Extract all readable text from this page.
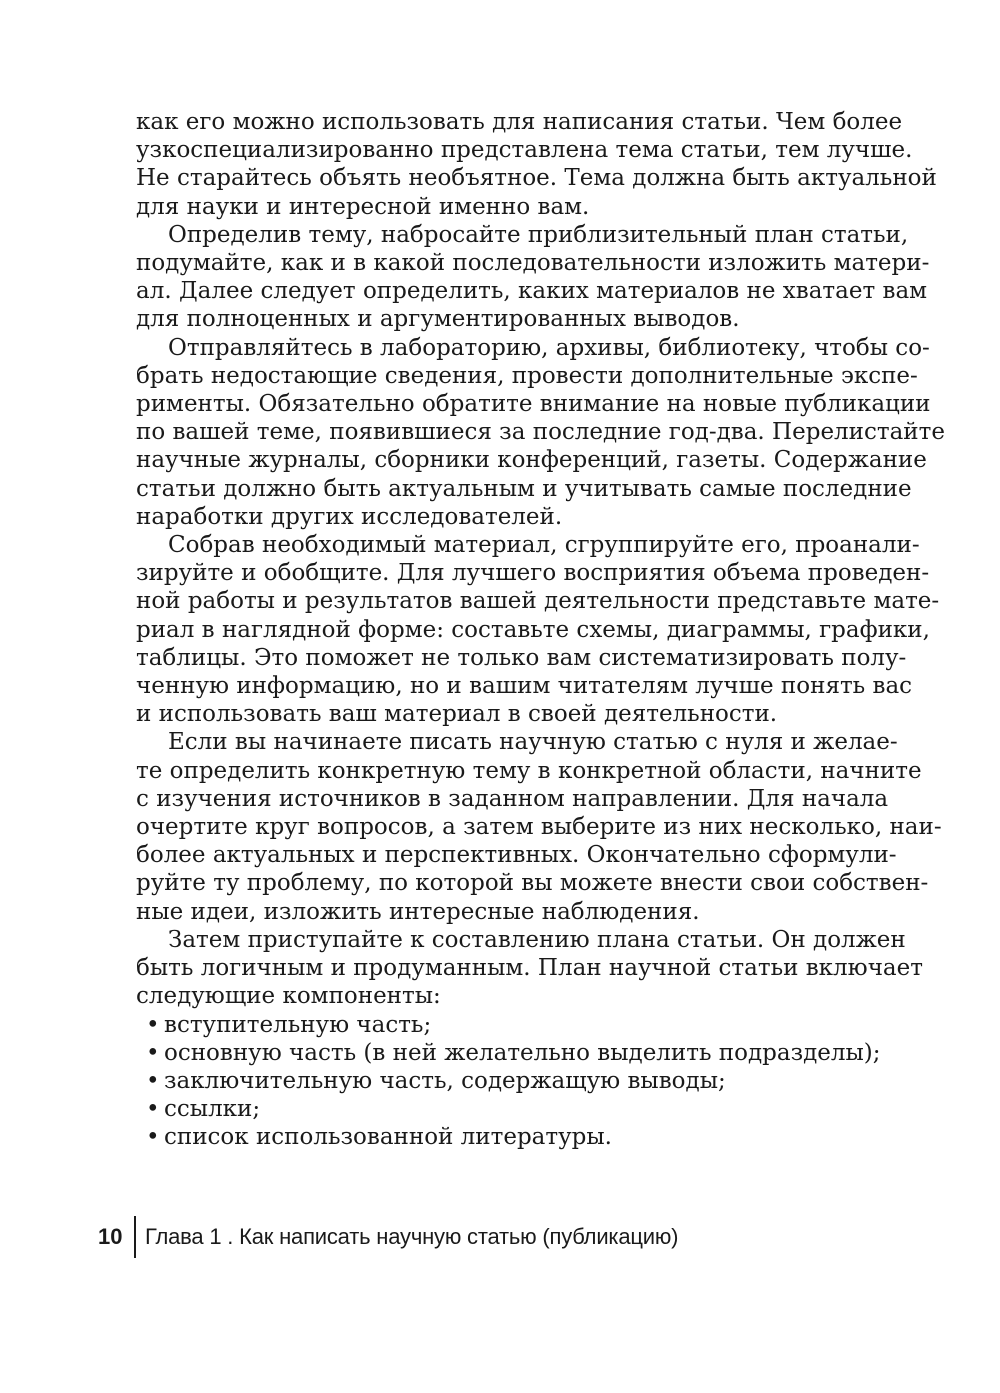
как его можно использовать для написания статьи. Чем более
узкоспециализированно представлена тема статьи, тем лучше.
Не старайтесь объять необъятное. Тема должна быть актуальной
для науки и интересной именно вам.
Определив тему, набросайте приблизительный план статьи,
подумайте, как и в какой последовательности изложить матери-
ал. Далее следует определить, каких материалов не хватает вам
для полноценных и аргументированных выводов.
Отправляйтесь в лабораторию, архивы, библиотеку, чтобы со-
брать недостающие сведения, провести дополнительные экспе-
рименты. Обязательно обратите внимание на новые публикации
по вашей теме, появившиеся за последние год-два. Перелистайте
научные журналы, сборники конференций, газеты. Содержание
статьи должно быть актуальным и учитывать самые последние
наработки других исследователей.
Собрав необходимый материал, сгруппируйте его, проанали-
зируйте и обобщите. Для лучшего восприятия объема проведен-
ной работы и результатов вашей деятельности представьте мате-
риал в наглядной форме: составьте схемы, диаграммы, графики,
таблицы. Это поможет не только вам систематизировать полу-
ченную информацию, но и вашим читателям лучше понять вас
и использовать ваш материал в своей деятельности.
Если вы начинаете писать научную статью с нуля и желае-
те определить конкретную тему в конкретной области, начните
с изучения источников в заданном направлении. Для начала
очертите круг вопросов, а затем выберите из них несколько, наи-
более актуальных и перспективных. Окончательно сформули-
руйте ту проблему, по которой вы можете внести свои собствен-
ные идеи, изложить интересные наблюдения.
Затем приступайте к составлению плана статьи. Он должен
быть логичным и продуманным. План научной статьи включает
следующие компоненты:
• вступительную часть;
• основную часть (в ней желательно выделить подразделы);
• заключительную часть, содержащую выводы;
• ссылки;
• список использованной литературы.
10 Глава 1 . Как написать научную статью (публикацию)
